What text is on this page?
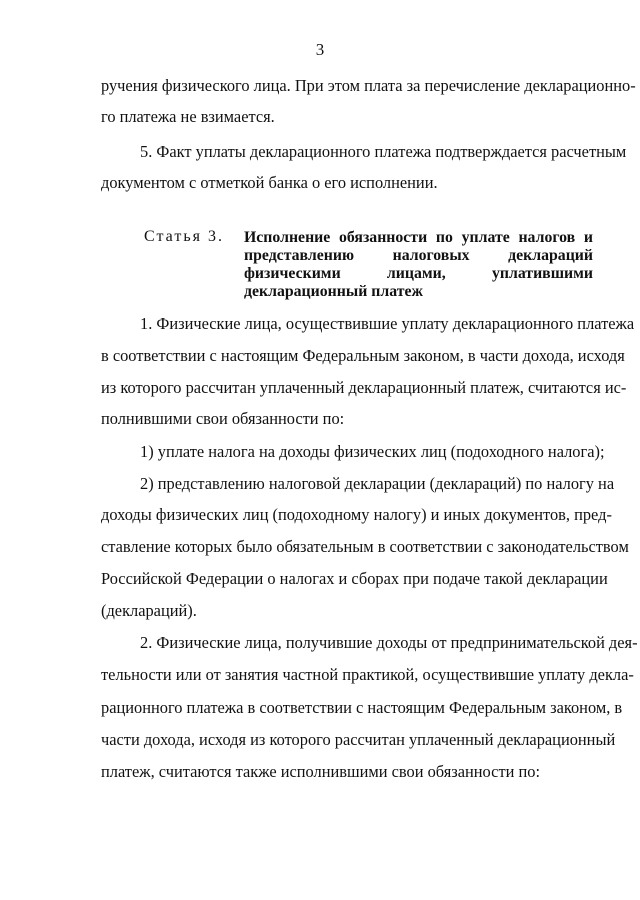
3
ручения физического лица. При этом плата за перечисление декларационно-
го платежа не взимается.
5. Факт уплаты декларационного платежа подтверждается расчетным
документом с отметкой банка о его исполнении.
Статья 3. Исполнение обязанности по уплате налогов и
представлению налоговых деклараций
физическими лицами, уплатившими
декларационный платеж
1. Физические лица, осуществившие уплату декларационного платежа
в соответствии с настоящим Федеральным законом, в части дохода, исходя
из которого рассчитан уплаченный декларационный платеж, считаются ис-
полнившими свои обязанности по:
1) уплате налога на доходы физических лиц (подоходного налога);
2) представлению налоговой декларации (деклараций) по налогу на
доходы физических лиц (подоходному налогу) и иных документов, пред-
ставление которых было обязательным в соответствии с законодательством
Российской Федерации о налогах и сборах при подаче такой декларации
(деклараций).
2. Физические лица, получившие доходы от предпринимательской дея-
тельности или от занятия частной практикой, осуществившие уплату декла-
рационного платежа в соответствии с настоящим Федеральным законом, в
части дохода, исходя из которого рассчитан уплаченный декларационный
платеж, считаются также исполнившими свои обязанности по:
